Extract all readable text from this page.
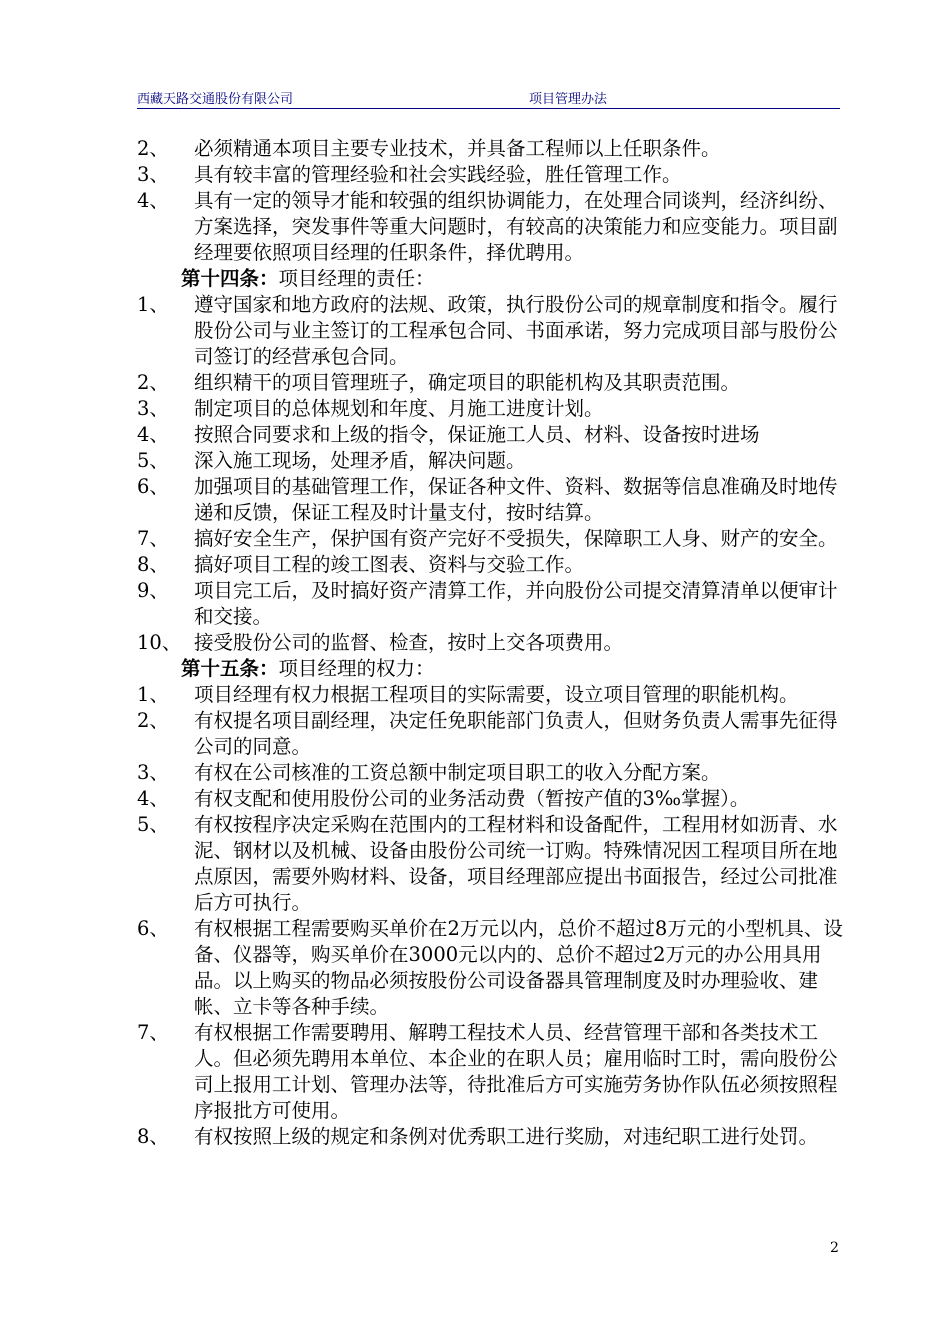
西藏天路交通股份有限公司	项目管理办法
2、 必须精通本项目主要专业技术，并具备工程师以上任职条件。
3、 具有较丰富的管理经验和社会实践经验，胜任管理工作。
4、 具有一定的领导才能和较强的组织协调能力，在处理合同谈判，经济纠纷、方案选择，突发事件等重大问题时，有较高的决策能力和应变能力。项目副经理要依照项目经理的任职条件，择优聘用。
第十四条：项目经理的责任：
1、 遵守国家和地方政府的法规、政策，执行股份公司的规章制度和指令。履行股份公司与业主签订的工程承包合同、书面承诺，努力完成项目部与股份公司签订的经营承包合同。
2、 组织精干的项目管理班子，确定项目的职能机构及其职责范围。
3、 制定项目的总体规划和年度、月施工进度计划。
4、 按照合同要求和上级的指令，保证施工人员、材料、设备按时进场
5、 深入施工现场，处理矛盾，解决问题。
6、 加强项目的基础管理工作，保证各种文件、资料、数据等信息准确及时地传递和反馈，保证工程及时计量支付，按时结算。
7、 搞好安全生产，保护国有资产完好不受损失，保障职工人身、财产的安全。
8、 搞好项目工程的竣工图表、资料与交验工作。
9、 项目完工后，及时搞好资产清算工作，并向股份公司提交清算清单以便审计和交接。
10、 接受股份公司的监督、检查，按时上交各项费用。
第十五条：项目经理的权力：
1、 项目经理有权力根据工程项目的实际需要，设立项目管理的职能机构。
2、 有权提名项目副经理，决定任免职能部门负责人，但财务负责人需事先征得公司的同意。
3、 有权在公司核准的工资总额中制定项目职工的收入分配方案。
4、 有权支配和使用股份公司的业务活动费（暂按产值的3‰掌握）。
5、 有权按程序决定采购在范围内的工程材料和设备配件，工程用材如沥青、水泥、钢材以及机械、设备由股份公司统一订购。特殊情况因工程项目所在地点原因，需要外购材料、设备，项目经理部应提出书面报告，经过公司批准后方可执行。
6、 有权根据工程需要购买单价在2万元以内，总价不超过8万元的小型机具、设备、仪器等，购买单价在3000元以内的、总价不超过2万元的办公用具用品。以上购买的物品必须按股份公司设备器具管理制度及时办理验收、建帐、立卡等各种手续。
7、 有权根据工作需要聘用、解聘工程技术人员、经营管理干部和各类技术工人。但必须先聘用本单位、本企业的在职人员；雇用临时工时，需向股份公司上报用工计划、管理办法等，待批准后方可实施劳务协作队伍必须按照程序报批方可使用。
8、 有权按照上级的规定和条例对优秀职工进行奖励，对违纪职工进行处罚。
2
